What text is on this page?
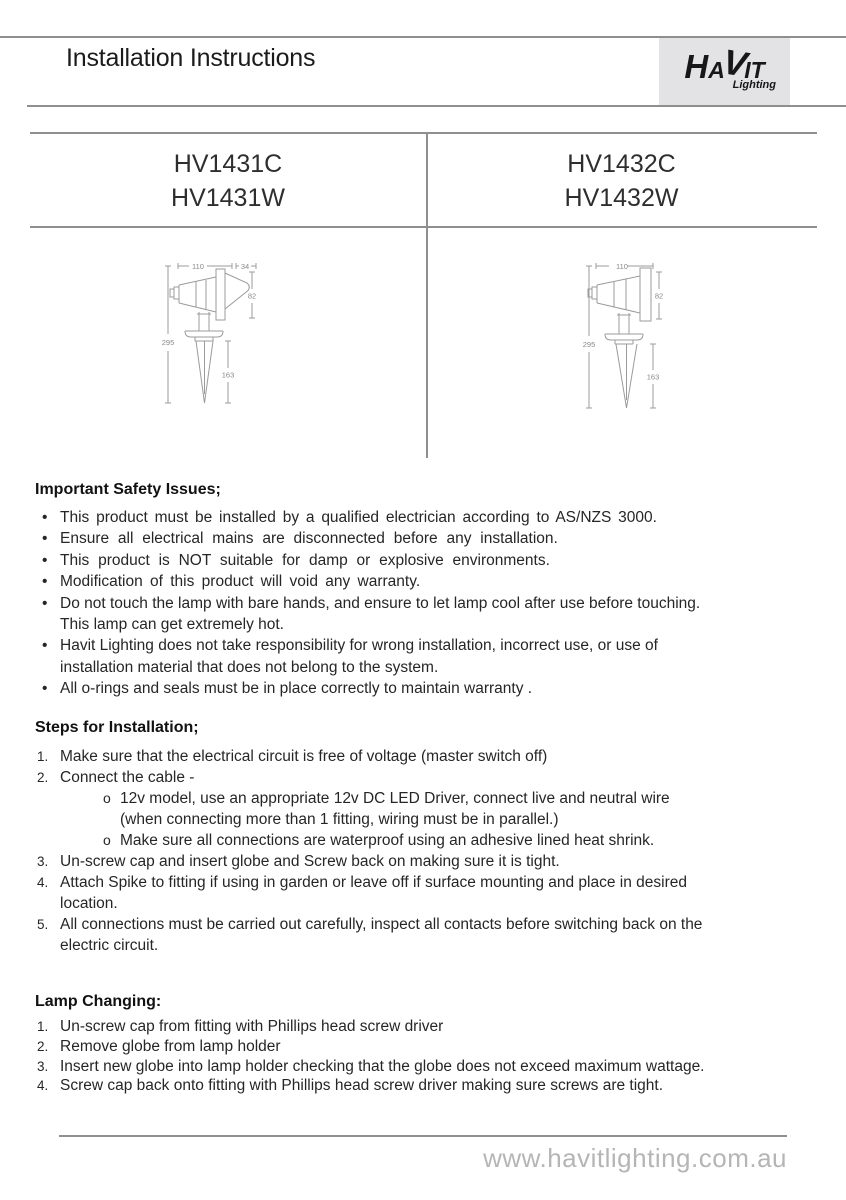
Installation Instructions	H A
V
IT
Lighting
HV1431C
HV1431W
HV1432C
HV1432W
110	34
82
295
163
110
82
295
163
Important Safety Issues;
• This product must be installed by a qualified electrician according to AS/NZS 3000.
• Ensure all electrical mains are disconnected before any installation.
• This product is NOT suitable for damp or explosive environments.
• Modification of this product will void any warranty.
• Do not touch the lamp with bare hands, and ensure to let lamp cool after use before touching.
This lamp can get extremely hot.
• Havit Lighting does not take responsibility for wrong installation, incorrect use, or use of
installation material that does not belong to the system.
• All o-rings and seals must be in place correctly to maintain warranty .
Steps for Installation;
1. Make sure that the electrical circuit is free of voltage (master switch off)
2. Connect the cable -
o 12v model, use an appropriate 12v DC LED Driver, connect live and neutral wire
(when connecting more than 1 fitting, wiring must be in parallel.)
o Make sure all connections are waterproof using an adhesive lined heat shrink.
3. Un-screw cap and insert globe and Screw back on making sure it is tight.
4. Attach Spike to fitting if using in garden or leave off if surface mounting and place in desired
location.
5. All connections must be carried out carefully, inspect all contacts before switching back on the
electric circuit.
Lamp Changing:
1. Un-screw cap from fitting with Phillips head screw driver
2. Remove globe from lamp holder
3. Insert new globe into lamp holder checking that the globe does not exceed maximum wattage.
4. Screw cap back onto fitting with Phillips head screw driver making sure screws are tight.
www.havitlighting.com.au
